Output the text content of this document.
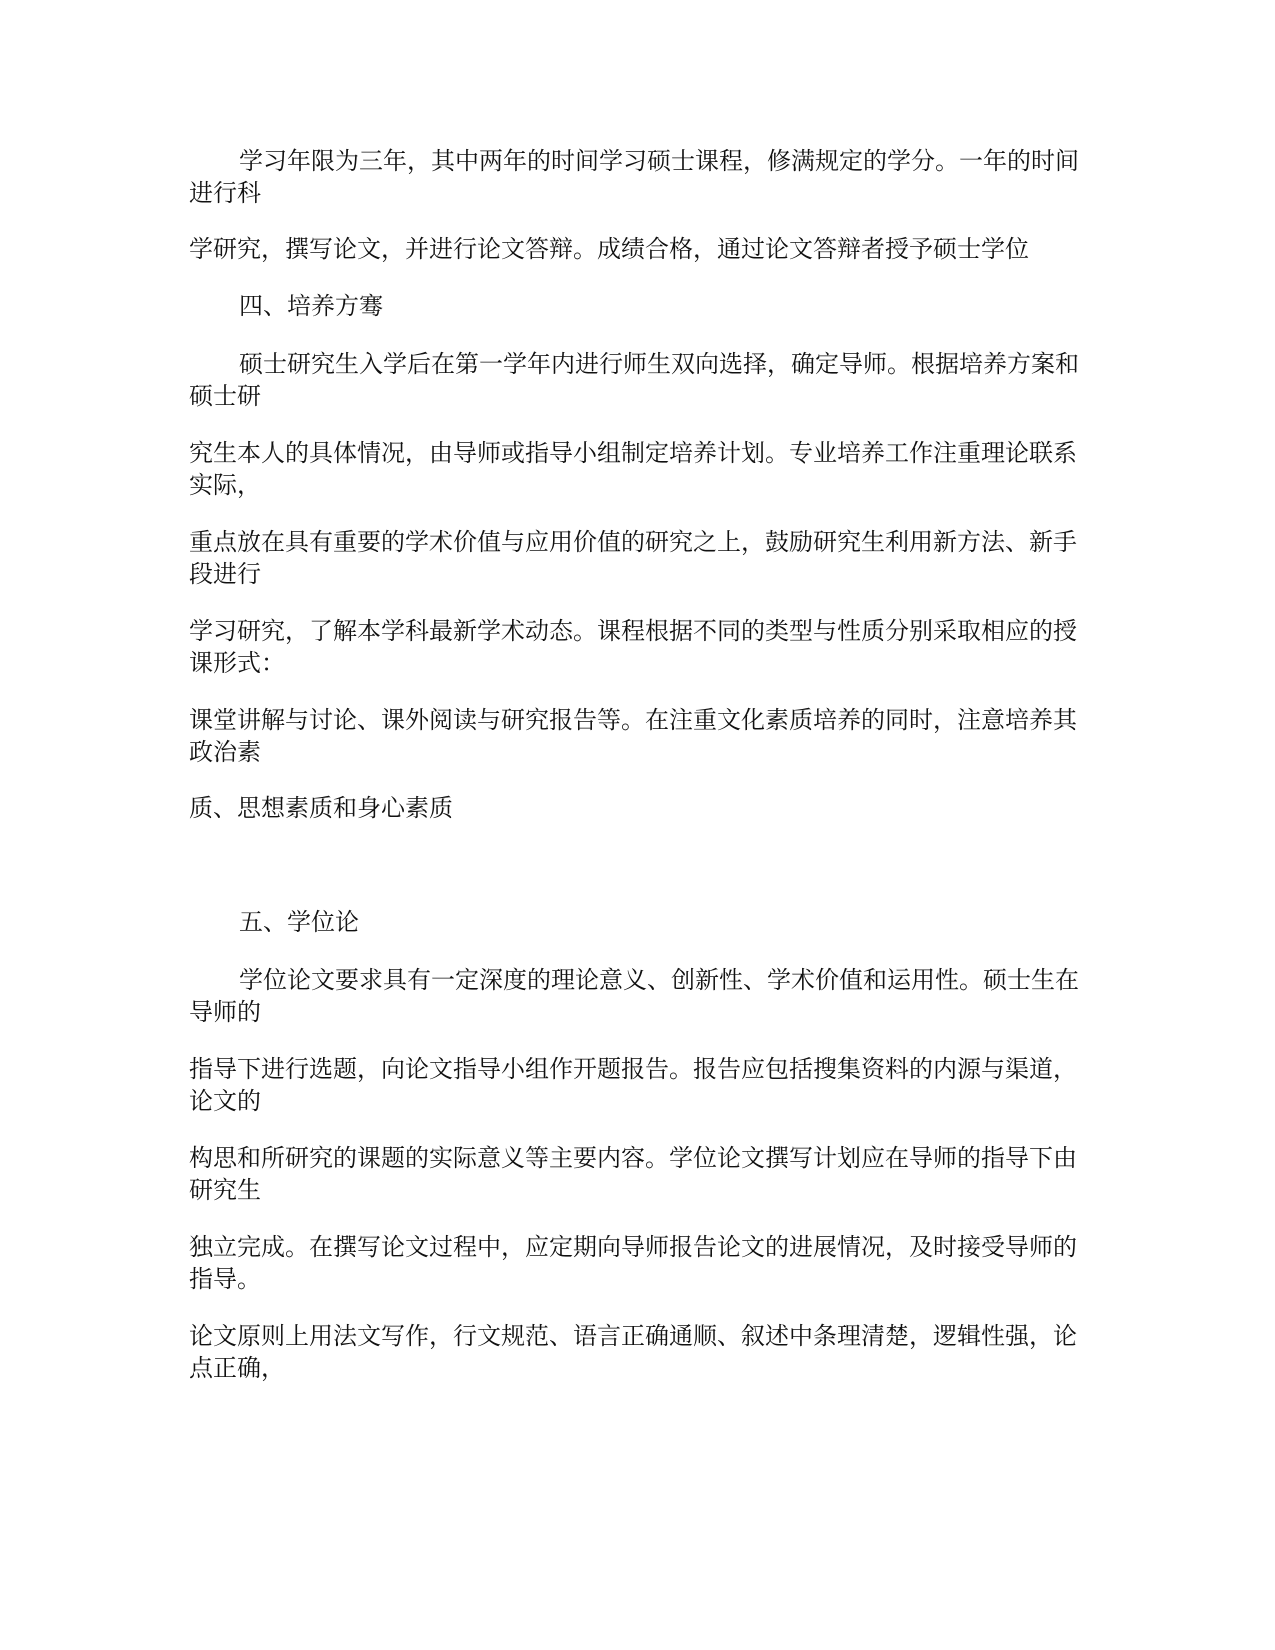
学习年限为三年，其中两年的时间学习硕士课程，修满规定的学分。一年的时间进行科

学研究，撰写论文，并进行论文答辩。成绩合格，通过论文答辩者授予硕士学位

四、培养方骞

硕士研究生入学后在第一学年内进行师生双向选择，确定导师。根据培养方案和硕士研

究生本人的具体情况，由导师或指导小组制定培养计划。专业培养工作注重理论联系实际，

重点放在具有重要的学术价值与应用价值的研究之上，鼓励研究生利用新方法、新手段进行

学习研究，了解本学科最新学术动态。课程根据不同的类型与性质分别采取相应的授课形式：

课堂讲解与讨论、课外阅读与研究报告等。在注重文化素质培养的同时，注意培养其政治素

质、思想素质和身心素质

五、学位论

学位论文要求具有一定深度的理论意义、创新性、学术价值和运用性。硕士生在导师的

指导下进行选题，向论文指导小组作开题报告。报告应包括搜集资料的内源与渠道，论文的

构思和所研究的课题的实际意义等主要内容。学位论文撰写计划应在导师的指导下由研究生

独立完成。在撰写论文过程中，应定期向导师报告论文的进展情况，及时接受导师的指导。

论文原则上用法文写作，行文规范、语言正确通顺、叙述中条理清楚，逻辑性强，论点正确，
